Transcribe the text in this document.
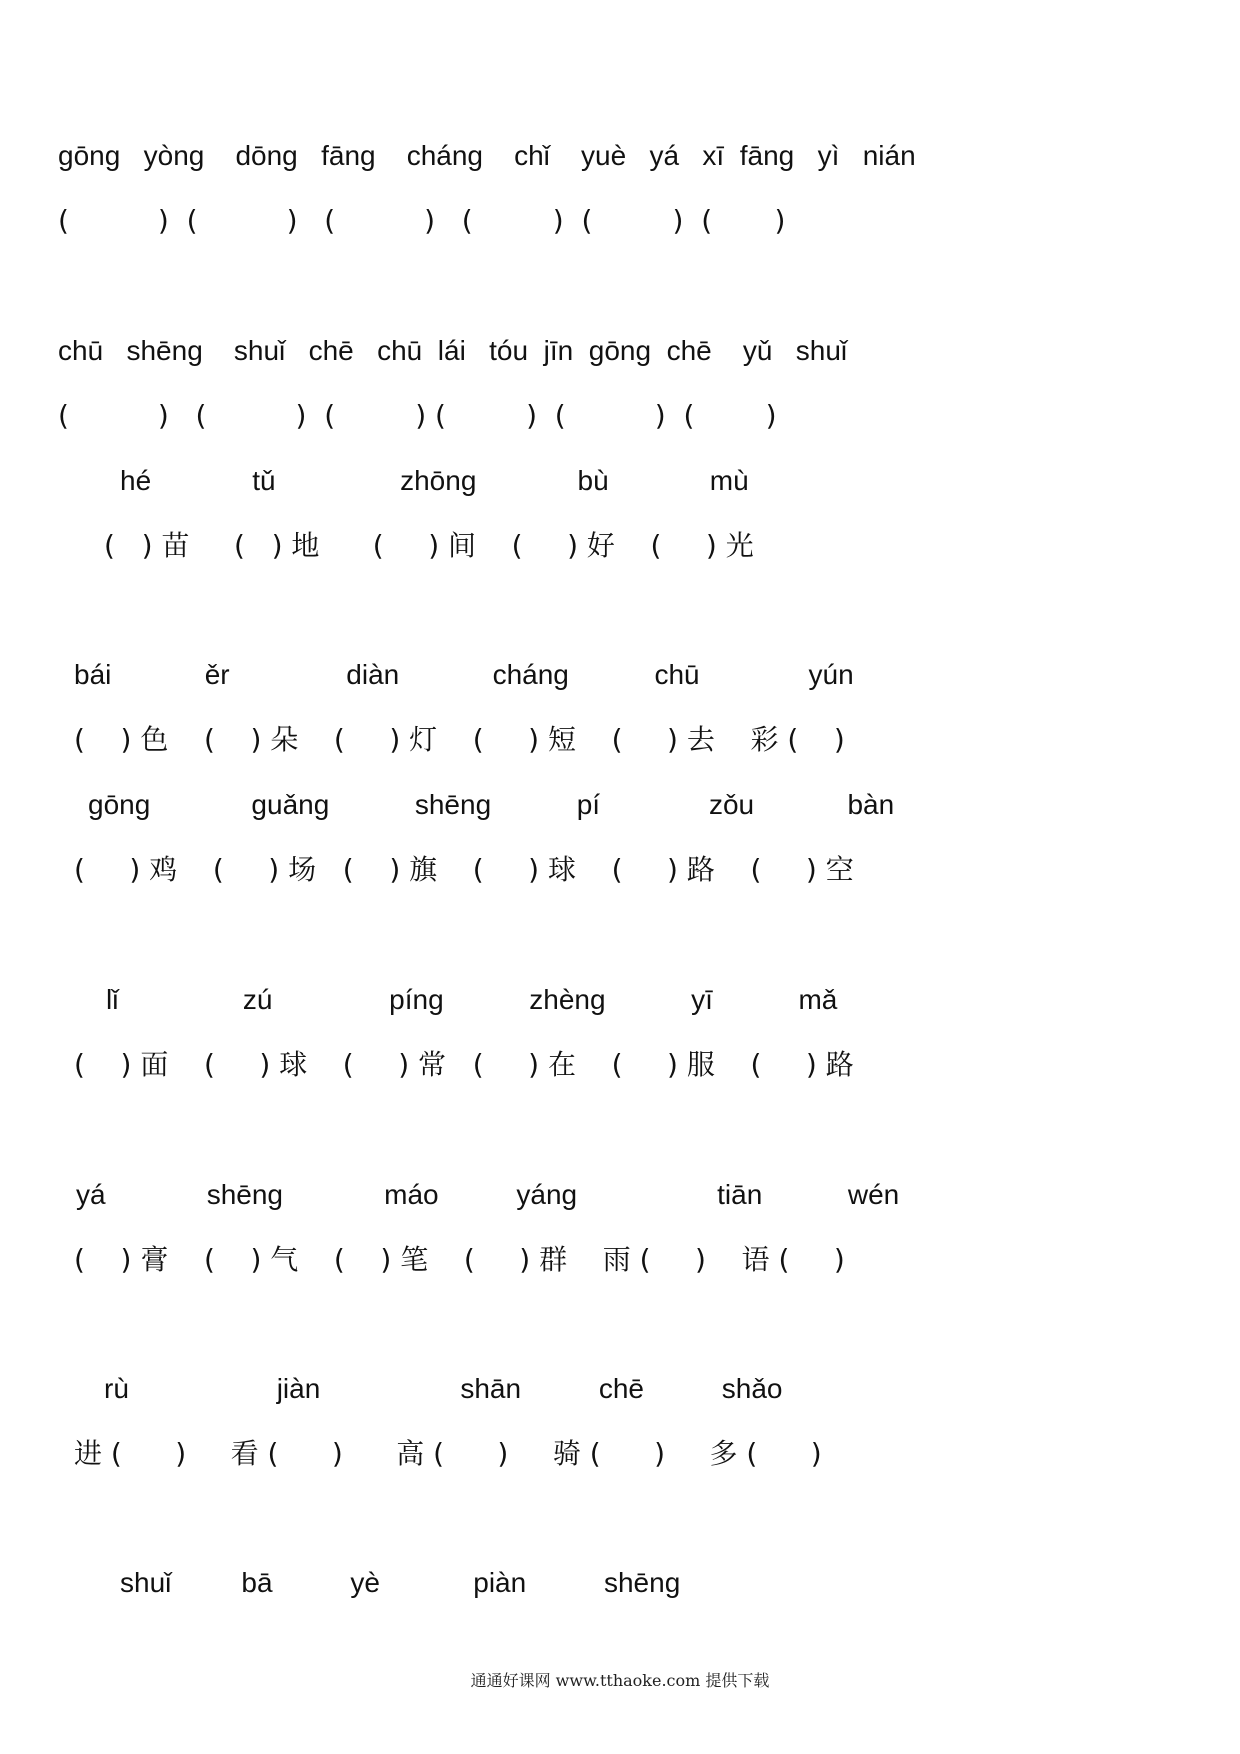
gōng   yòng    dōng   fāng    cháng    chǐ    yuè   yá   xī  fāng   yì   nián
(          )  (          )   (          )   (         )  (         )  (       )
chū   shēng    shuǐ   chē   chū  lái   tóu  jīn  gōng  chē    yǔ   shuǐ
(          )   (          )  (         ) (         )  (          )  (        )
hé             tǔ                zhōng             bù             mù
(   ) 苗     (   ) 地      (     ) 间    (     ) 好    (     ) 光
bái            ěr               diàn            cháng           chū              yún
(    ) 色    (    ) 朵    (     ) 灯    (     ) 短    (     ) 去    彩 (    )
gōng             guǎng           shēng           pí              zǒu            bàn
(     ) 鸡    (     ) 场   (    ) 旗    (     ) 球    (     ) 路    (     ) 空
lǐ                zú               píng           zhèng           yī           mǎ
(    ) 面    (     ) 球    (     ) 常   (     ) 在    (     ) 服    (     ) 路
yá             shēng             máo          yáng                  tiān           wén
(    ) 膏    (    ) 气    (    ) 笔    (     ) 群    雨 (     )    语 (     )
rù                   jiàn                  shān          chē          shǎo
进 (      )     看 (      )      高 (      )     骑 (      )     多 (      )
shuǐ         bā          yè            piàn          shēng
通通好课网 www.tthaoke.com 提供下载
